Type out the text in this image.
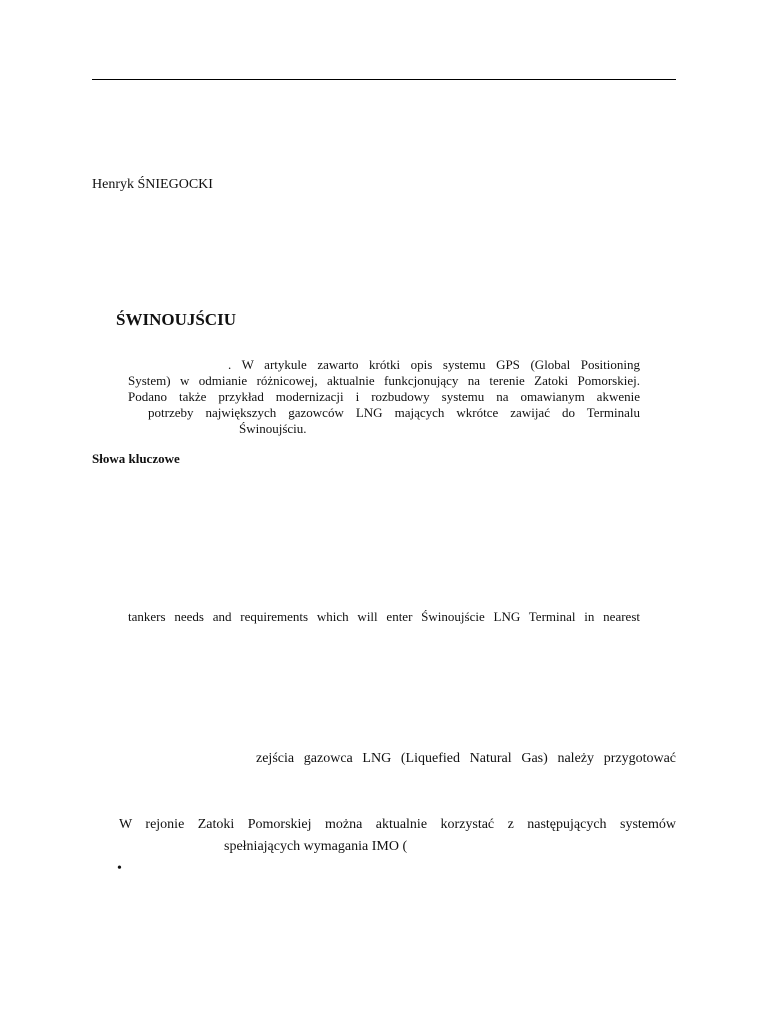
Henryk ŚNIEGOCKI
ŚWINOUJŚCIU
. W artykule zawarto krótki opis systemu GPS (Global Positioning
System) w odmianie różnicowej, aktualnie funkcjonujący na terenie Zatoki Pomorskiej.
Podano także przykład modernizacji i rozbudowy systemu na omawianym akwenie
potrzeby największych gazowców LNG mających wkrótce zawijać do Terminalu
Świnoujściu.
Słowa kluczowe
tankers needs and requirements which will enter Świnoujście LNG Terminal in nearest
zejścia gazowca LNG (Liquefied Natural Gas) należy przygotować
W rejonie Zatoki Pomorskiej można aktualnie korzystać z następujących systemów
spełniających wymagania IMO (
•
